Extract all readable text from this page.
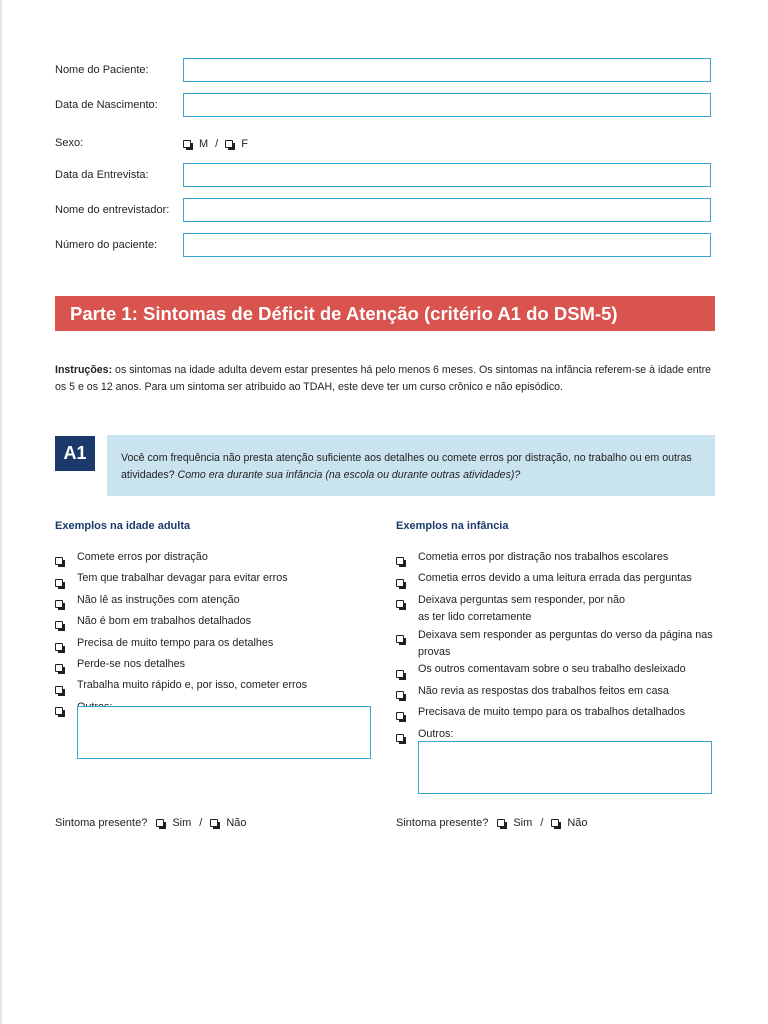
Nome do Paciente:
Data de Nascimento:
Sexo:	M / F
Data da Entrevista:
Nome do entrevistador:
Número do paciente:
Parte 1: Sintomas de Déficit de Atenção (critério A1 do DSM-5)
Instruções: os sintomas na idade adulta devem estar presentes há pelo menos 6 meses. Os sintomas na infância referem-se à idade entre os 5 e os 12 anos. Para um sintoma ser atribuido ao TDAH, este deve ter um curso crônico e não episódico.
A1	Você com frequência não presta atenção suficiente aos detalhes ou comete erros por distração, no trabalho ou em outras atividades? Como era durante sua infância (na escola ou durante outras atividades)?
Exemplos na idade adulta
Comete erros por distração
Tem que trabalhar devagar para evitar erros
Não lê as instruções com atenção
Não é bom em trabalhos detalhados
Precisa de muito tempo para os detalhes
Perde-se nos detalhes
Trabalha muito rápido e, por isso, cometer erros
Exemplos na infância
Cometia erros por distração nos trabalhos escolares
Cometia erros devido a uma leitura errada das perguntas
Deixava perguntas sem responder, por não as ter lido corretamente
Deixava sem responder as perguntas do verso da página nas provas
Os outros comentavam sobre o seu trabalho desleixado
Não revia as respostas dos trabalhos feitos em casa
Precisava de muito tempo para os trabalhos detalhados
Outros:
Sintoma presente? Sim / Não	Sintoma presente? Sim / Não
